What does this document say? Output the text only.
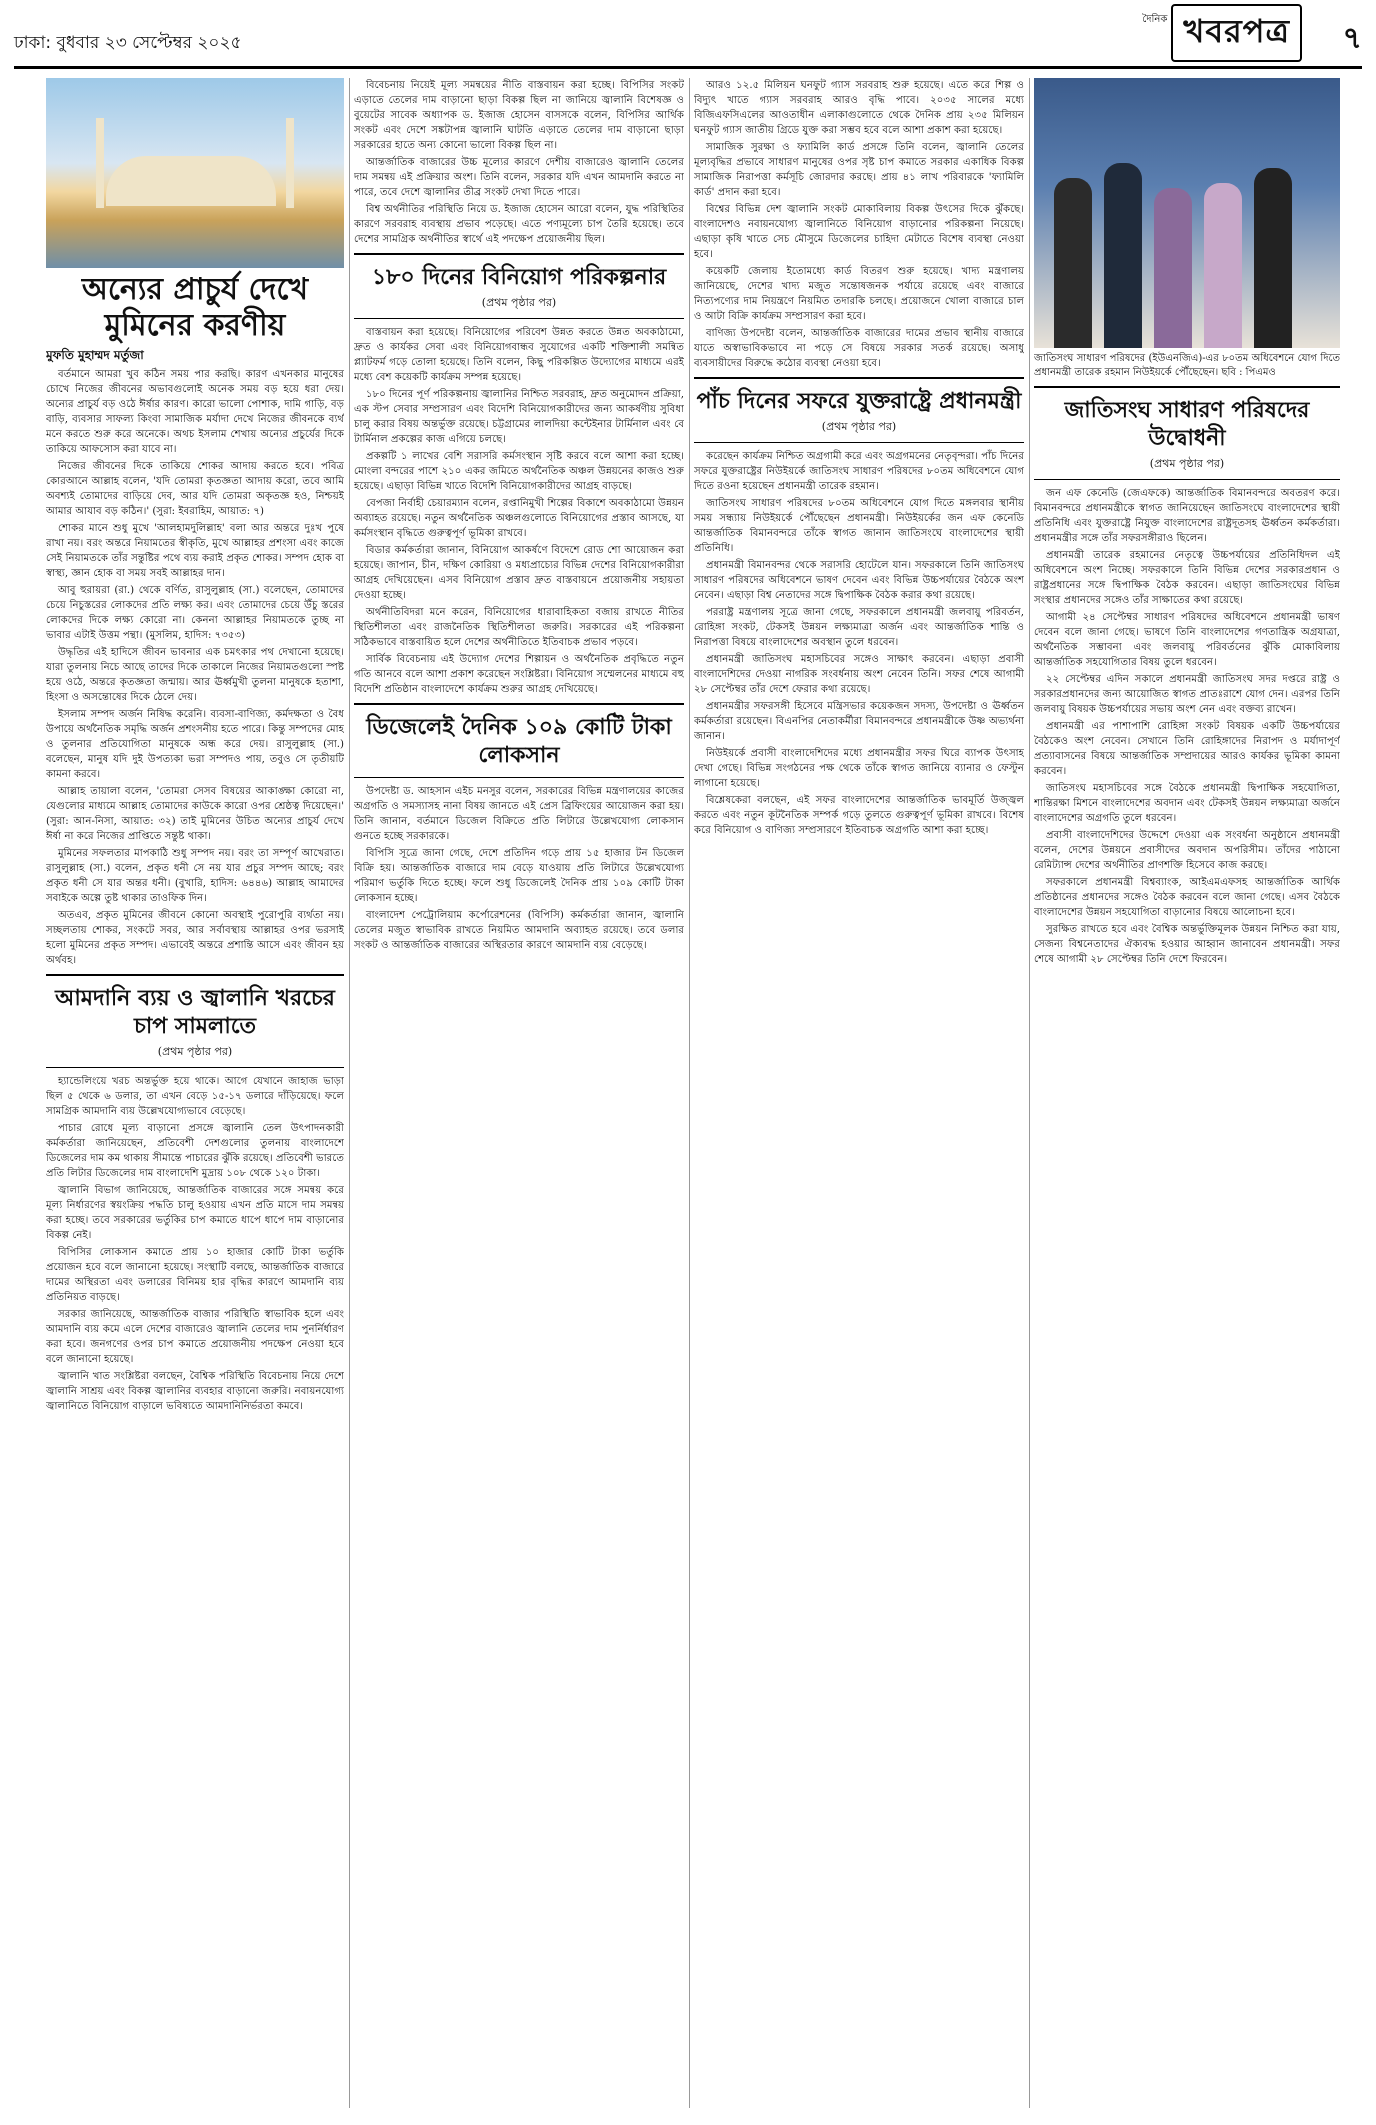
ঢাকা: বুধবার ২৩ সেপ্টেম্বর ২০২৫
দৈনিক খবরপত্র	৭
অন্যের প্রাচুর্য দেখে মুমিনের করণীয়
মুফতি মুহাম্মদ মর্তুজা

বর্তমানে আমরা খুব কঠিন সময় পার করছি। কারণ এখনকার মানুষের চোখে নিজের জীবনের অভাবগুলোই অনেক সময় বড় হয়ে ধরা দেয়। অন্যের প্রাচুর্য বড় ওঠে ঈর্ষার কারণ। কারো ভালো পোশাক, দামি গাড়ি, বড় বাড়ি, ব্যবসার সাফল্য কিংবা সামাজিক মর্যাদা দেখে নিজের জীবনকে ব্যর্থ মনে করতে শুরু করে অনেকে। অথচ ইসলাম শেখায় অন্যের প্রচুর্যের দিকে তাকিয়ে আফসোস করা যাবে না।

নিজের জীবনের দিকে তাকিয়ে শোকর আদায় করতে হবে। পবিত্র কোরআনে আল্লাহ বলেন, 'যদি তোমরা কৃতজ্ঞতা আদায় করো, তবে আমি অবশ্যই তোমাদের বাড়িয়ে দেব, আর যদি তোমরা অকৃতজ্ঞ হও, নিশ্চয়ই আমার আযাব বড় কঠিন।' (সুরা: ইবরাহিম, আয়াত: ৭)

শোকর মানে শুধু মুখে 'আলহামদুলিল্লাহ' বলা আর অন্তরে দুঃখ পুষে রাখা নয়। বরং অন্তরে নিয়ামতের স্বীকৃতি, মুখে আল্লাহর প্রশংসা এবং কাজে সেই নিয়ামতকে তাঁর সন্তুষ্টির পথে ব্যয় করাই প্রকৃত শোকর। সম্পদ হোক বা স্বাস্থ্য, জ্ঞান হোক বা সময় সবই আল্লাহর দান।

আবু হুরায়রা (রা.) থেকে বর্ণিত, রাসুলুল্লাহ (সা.) বলেছেন, তোমাদের চেয়ে নিচুস্তরের লোকদের প্রতি লক্ষ্য কর। এবং তোমাদের চেয়ে উঁচু স্তরের লোকদের দিকে লক্ষ্য কোরো না। কেননা আল্লাহর নিয়ামতকে তুচ্ছ না ভাবার এটাই উত্তম পন্থা। (মুসলিম, হাদিস: ৭৩৫৩)

উদ্ধৃতির এই হাদিসে জীবন ভাবনার এক চমৎকার পথ দেখানো হয়েছে। যারা তুলনায় নিচে আছে তাদের দিকে তাকালে নিজের নিয়ামতগুলো স্পষ্ট হয়ে ওঠে, অন্তরে কৃতজ্ঞতা জন্মায়। আর ঊর্ধ্বমুখী তুলনা মানুষকে হতাশা, হিংসা ও অসন্তোষের দিকে ঠেলে দেয়।

ইসলাম সম্পদ অর্জন নিষিদ্ধ করেনি। ব্যবসা-বাণিজ্য, কর্মদক্ষতা ও বৈধ উপায়ে অর্থনৈতিক সমৃদ্ধি অর্জন প্রশংসনীয় হতে পারে। কিন্তু সম্পদের মোহ ও তুলনার প্রতিযোগিতা মানুষকে অন্ধ করে দেয়। রাসুলুল্লাহ (সা.) বলেছেন, মানুষ যদি দুই উপত্যকা ভরা সম্পদও পায়, তবুও সে তৃতীয়টি কামনা করবে।

আল্লাহ তায়ালা বলেন, 'তোমরা সেসব বিষয়ের আকাঙ্ক্ষা কোরো না, যেগুলোর মাধ্যমে আল্লাহ তোমাদের কাউকে কারো ওপর শ্রেষ্ঠত্ব দিয়েছেন।' (সুরা: আন-নিসা, আয়াত: ৩২) তাই মুমিনের উচিত অন্যের প্রাচুর্য দেখে ঈর্ষা না করে নিজের প্রাপ্তিতে সন্তুষ্ট থাকা।

মুমিনের সফলতার মাপকাঠি শুধু সম্পদ নয়। বরং তা সম্পূর্ণ আখেরাত। রাসুলুল্লাহ (সা.) বলেন, প্রকৃত ধনী সে নয় যার প্রচুর সম্পদ আছে; বরং প্রকৃত ধনী সে যার অন্তর ধনী। (বুখারি, হাদিস: ৬৪৪৬) আল্লাহ আমাদের সবাইকে অল্পে তুষ্ট থাকার তাওফিক দিন।

অতএব, প্রকৃত মুমিনের জীবনে কোনো অবস্থাই পুরোপুরি ব্যর্থতা নয়। সচ্ছলতায় শোকর, সংকটে সবর, আর সর্বাবস্থায় আল্লাহর ওপর ভরসাই হলো মুমিনের প্রকৃত সম্পদ। এভাবেই অন্তরে প্রশান্তি আসে এবং জীবন হয় অর্থবহ।

আমদানি ব্যয় ও জ্বালানি খরচের চাপ সামলাতে
(প্রথম পৃষ্ঠার পর)

হ্যান্ডেলিংয়ে খরচ অন্তর্ভুক্ত হয়ে থাকে। আগে যেখানে জাহাজ ভাড়া ছিল ৫ থেকে ৬ ডলার, তা এখন বেড়ে ১৫-১৭ ডলারে দাঁড়িয়েছে। ফলে সামগ্রিক আমদানি ব্যয় উল্লেখযোগ্যভাবে বেড়েছে।

পাচার রোধে মূল্য বাড়ানো প্রসঙ্গে জ্বালানি তেল উৎপাদনকারী কর্মকর্তারা জানিয়েছেন, প্রতিবেশী দেশগুলোর তুলনায় বাংলাদেশে ডিজেলের দাম কম থাকায় সীমান্তে পাচারের ঝুঁকি রয়েছে। প্রতিবেশী ভারতে প্রতি লিটার ডিজেলের দাম বাংলাদেশি মুদ্রায় ১০৮ থেকে ১২০ টাকা।

জ্বালানি বিভাগ জানিয়েছে, আন্তর্জাতিক বাজারের সঙ্গে সমন্বয় করে মূল্য নির্ধারণের স্বয়ংক্রিয় পদ্ধতি চালু হওয়ায় এখন প্রতি মাসে দাম সমন্বয় করা হচ্ছে। তবে সরকারের ভর্তুকির চাপ কমাতে ধাপে ধাপে দাম বাড়ানোর বিকল্প নেই।

বিপিসির লোকসান কমাতে প্রায় ১০ হাজার কোটি টাকা ভর্তুকি প্রয়োজন হবে বলে জানানো হয়েছে। সংস্থাটি বলছে, আন্তর্জাতিক বাজারে দামের অস্থিরতা এবং ডলারের বিনিময় হার বৃদ্ধির কারণে আমদানি ব্যয় প্রতিনিয়ত বাড়ছে।

সরকার জানিয়েছে, আন্তর্জাতিক বাজার পরিস্থিতি স্বাভাবিক হলে এবং আমদানি ব্যয় কমে এলে দেশের বাজারেও জ্বালানি তেলের দাম পুনর্নির্ধারণ করা হবে। জনগণের ওপর চাপ কমাতে প্রয়োজনীয় পদক্ষেপ নেওয়া হবে বলে জানানো হয়েছে।

জ্বালানি খাত সংশ্লিষ্টরা বলছেন, বৈশ্বিক পরিস্থিতি বিবেচনায় নিয়ে দেশে জ্বালানি সাশ্রয় এবং বিকল্প জ্বালানির ব্যবহার বাড়ানো জরুরি। নবায়নযোগ্য জ্বালানিতে বিনিয়োগ বাড়ালে ভবিষ্যতে আমদানিনির্ভরতা কমবে।

বিবেচনায় নিয়েই মূল্য সমন্বয়ের নীতি বাস্তবায়ন করা হচ্ছে। বিপিসির সংকট এড়াতে তেলের দাম বাড়ানো ছাড়া বিকল্প ছিল না জানিয়ে জ্বালানি বিশেষজ্ঞ ও বুয়েটের সাবেক অধ্যাপক ড. ইজাজ হোসেন বাসসকে বলেন, বিপিসির আর্থিক সংকট এবং দেশে সঙ্কটাপন্ন জ্বালানি ঘাটতি এড়াতে তেলের দাম বাড়ানো ছাড়া সরকারের হাতে অন্য কোনো ভালো বিকল্প ছিল না।

আন্তর্জাতিক বাজারের উচ্চ মূল্যের কারণে দেশীয় বাজারেও জ্বালানি তেলের দাম সমন্বয় এই প্রক্রিয়ার অংশ। তিনি বলেন, সরকার যদি এখন আমদানি করতে না পারে, তবে দেশে জ্বালানির তীব্র সংকট দেখা দিতে পারে।

বিশ্ব অর্থনীতির পরিস্থিতি নিয়ে ড. ইজাজ হোসেন আরো বলেন, যুদ্ধ পরিস্থিতির কারণে সরবরাহ ব্যবস্থায় প্রভাব পড়েছে। এতে পণ্যমূল্যে চাপ তৈরি হয়েছে। তবে দেশের সামগ্রিক অর্থনীতির স্বার্থে এই পদক্ষেপ প্রয়োজনীয় ছিল।

১৮০ দিনের বিনিয়োগ পরিকল্পনার
(প্রথম পৃষ্ঠার পর)

বাস্তবায়ন করা হয়েছে। বিনিয়োগের পরিবেশ উন্নত করতে উন্নত অবকাঠামো, দ্রুত ও কার্যকর সেবা এবং বিনিয়োগবান্ধব সুযোগের একটি শক্তিশালী সমন্বিত প্ল্যাটফর্ম গড়ে তোলা হয়েছে। তিনি বলেন, কিছু পরিকল্পিত উদ্যোগের মাধ্যমে এরই মধ্যে বেশ কয়েকটি কার্যক্রম সম্পন্ন হয়েছে।

১৮০ দিনের পূর্ণ পরিকল্পনায় জ্বালানির নিশ্চিত সরবরাহ, দ্রুত অনুমোদন প্রক্রিয়া, এক স্টপ সেবার সম্প্রসারণ এবং বিদেশি বিনিয়োগকারীদের জন্য আকর্ষণীয় সুবিধা চালু করার বিষয় অন্তর্ভুক্ত রয়েছে। চট্টগ্রামের লালদিয়া কন্টেইনার টার্মিনাল এবং বে টার্মিনাল প্রকল্পের কাজ এগিয়ে চলছে।

প্রকল্পটি ১ লাখের বেশি সরাসরি কর্মসংস্থান সৃষ্টি করবে বলে আশা করা হচ্ছে। মোংলা বন্দরের পাশে ২১০ একর জমিতে অর্থনৈতিক অঞ্চল উন্নয়নের কাজও শুরু হয়েছে। এছাড়া বিভিন্ন খাতে বিদেশি বিনিয়োগকারীদের আগ্রহ বাড়ছে।

বেপজা নির্বাহী চেয়ারম্যান বলেন, রপ্তানিমুখী শিল্পের বিকাশে অবকাঠামো উন্নয়ন অব্যাহত রয়েছে। নতুন অর্থনৈতিক অঞ্চলগুলোতে বিনিয়োগের প্রস্তাব আসছে, যা কর্মসংস্থান বৃদ্ধিতে গুরুত্বপূর্ণ ভূমিকা রাখবে।

বিডার কর্মকর্তারা জানান, বিনিয়োগ আকর্ষণে বিদেশে রোড শো আয়োজন করা হয়েছে। জাপান, চীন, দক্ষিণ কোরিয়া ও মধ্যপ্রাচ্যের বিভিন্ন দেশের বিনিয়োগকারীরা আগ্রহ দেখিয়েছেন। এসব বিনিয়োগ প্রস্তাব দ্রুত বাস্তবায়নে প্রয়োজনীয় সহায়তা দেওয়া হচ্ছে।

অর্থনীতিবিদরা মনে করেন, বিনিয়োগের ধারাবাহিকতা বজায় রাখতে নীতির স্থিতিশীলতা এবং রাজনৈতিক স্থিতিশীলতা জরুরি। সরকারের এই পরিকল্পনা সঠিকভাবে বাস্তবায়িত হলে দেশের অর্থনীতিতে ইতিবাচক প্রভাব পড়বে।

সার্বিক বিবেচনায় এই উদ্যোগ দেশের শিল্পায়ন ও অর্থনৈতিক প্রবৃদ্ধিতে নতুন গতি আনবে বলে আশা প্রকাশ করেছেন সংশ্লিষ্টরা। বিনিয়োগ সম্মেলনের মাধ্যমে বহু বিদেশি প্রতিষ্ঠান বাংলাদেশে কার্যক্রম শুরুর আগ্রহ দেখিয়েছে।

ডিজেলেই দৈনিক ১০৯ কোটি টাকা লোকসান

উপদেষ্টা ড. আহসান এইচ মনসুর বলেন, সরকারের বিভিন্ন মন্ত্রণালয়ের কাজের অগ্রগতি ও সমস্যাসহ নানা বিষয় জানতে এই প্রেস ব্রিফিংয়ের আয়োজন করা হয়। তিনি জানান, বর্তমানে ডিজেল বিক্রিতে প্রতি লিটারে উল্লেখযোগ্য লোকসান গুনতে হচ্ছে সরকারকে।

বিপিসি সূত্রে জানা গেছে, দেশে প্রতিদিন গড়ে প্রায় ১৫ হাজার টন ডিজেল বিক্রি হয়। আন্তর্জাতিক বাজারে দাম বেড়ে যাওয়ায় প্রতি লিটারে উল্লেখযোগ্য পরিমাণ ভর্তুকি দিতে হচ্ছে। ফলে শুধু ডিজেলেই দৈনিক প্রায় ১০৯ কোটি টাকা লোকসান হচ্ছে।

বাংলাদেশ পেট্রোলিয়াম কর্পোরেশনের (বিপিসি) কর্মকর্তারা জানান, জ্বালানি তেলের মজুত স্বাভাবিক রাখতে নিয়মিত আমদানি অব্যাহত রয়েছে। তবে ডলার সংকট ও আন্তর্জাতিক বাজারের অস্থিরতার কারণে আমদানি ব্যয় বেড়েছে।

আরও ১২.৫ মিলিয়ন ঘনফুট গ্যাস সরবরাহ শুরু হয়েছে। এতে করে শিল্প ও বিদ্যুৎ খাতে গ্যাস সরবরাহ আরও বৃদ্ধি পাবে। ২০৩৫ সালের মধ্যে বিজিএফসিএলের আওতাধীন এলাকাগুলোতে থেকে দৈনিক প্রায় ২৩৫ মিলিয়ন ঘনফুট গ্যাস জাতীয় গ্রিডে যুক্ত করা সম্ভব হবে বলে আশা প্রকাশ করা হয়েছে।

সামাজিক সুরক্ষা ও ফ্যামিলি কার্ড প্রসঙ্গে তিনি বলেন, জ্বালানি তেলের মূল্যবৃদ্ধির প্রভাবে সাধারণ মানুষের ওপর সৃষ্ট চাপ কমাতে সরকার একাধিক বিকল্প সামাজিক নিরাপত্তা কর্মসূচি জোরদার করছে। প্রায় ৪১ লাখ পরিবারকে 'ফ্যামিলি কার্ড' প্রদান করা হবে।

বিশ্বের বিভিন্ন দেশ জ্বালানি সংকট মোকাবিলায় বিকল্প উৎসের দিকে ঝুঁকছে। বাংলাদেশও নবায়নযোগ্য জ্বালানিতে বিনিয়োগ বাড়ানোর পরিকল্পনা নিয়েছে। এছাড়া কৃষি খাতে সেচ মৌসুমে ডিজেলের চাহিদা মেটাতে বিশেষ ব্যবস্থা নেওয়া হবে।

কয়েকটি জেলায় ইতোমধ্যে কার্ড বিতরণ শুরু হয়েছে। খাদ্য মন্ত্রণালয় জানিয়েছে, দেশের খাদ্য মজুত সন্তোষজনক পর্যায়ে রয়েছে এবং বাজারে নিত্যপণ্যের দাম নিয়ন্ত্রণে নিয়মিত তদারকি চলছে। প্রয়োজনে খোলা বাজারে চাল ও আটা বিক্রি কার্যক্রম সম্প্রসারণ করা হবে।

বাণিজ্য উপদেষ্টা বলেন, আন্তর্জাতিক বাজারের দামের প্রভাব স্থানীয় বাজারে যাতে অস্বাভাবিকভাবে না পড়ে সে বিষয়ে সরকার সতর্ক রয়েছে। অসাধু ব্যবসায়ীদের বিরুদ্ধে কঠোর ব্যবস্থা নেওয়া হবে।

পাঁচ দিনের সফরে যুক্তরাষ্ট্রে প্রধানমন্ত্রী
(প্রথম পৃষ্ঠার পর)

করেছেন কার্যক্রম নিশ্চিত অগ্রগামী করে এবং অগ্রগমনের নেতৃবৃন্দরা। পাঁচ দিনের সফরে যুক্তরাষ্ট্রের নিউইয়র্কে জাতিসংঘ সাধারণ পরিষদের ৮০তম অধিবেশনে যোগ দিতে রওনা হয়েছেন প্রধানমন্ত্রী তারেক রহমান।

জাতিসংঘ সাধারণ পরিষদের ৮০তম অধিবেশনে যোগ দিতে মঙ্গলবার স্থানীয় সময় সন্ধ্যায় নিউইয়র্কে পৌঁছেছেন প্রধানমন্ত্রী। নিউইয়র্কের জন এফ কেনেডি আন্তর্জাতিক বিমানবন্দরে তাঁকে স্বাগত জানান জাতিসংঘে বাংলাদেশের স্থায়ী প্রতিনিধি।

প্রধানমন্ত্রী বিমানবন্দর থেকে সরাসরি হোটেলে যান। সফরকালে তিনি জাতিসংঘ সাধারণ পরিষদের অধিবেশনে ভাষণ দেবেন এবং বিভিন্ন উচ্চপর্যায়ের বৈঠকে অংশ নেবেন। এছাড়া বিশ্ব নেতাদের সঙ্গে দ্বিপাক্ষিক বৈঠক করার কথা রয়েছে।

পররাষ্ট্র মন্ত্রণালয় সূত্রে জানা গেছে, সফরকালে প্রধানমন্ত্রী জলবায়ু পরিবর্তন, রোহিঙ্গা সংকট, টেকসই উন্নয়ন লক্ষ্যমাত্রা অর্জন এবং আন্তর্জাতিক শান্তি ও নিরাপত্তা বিষয়ে বাংলাদেশের অবস্থান তুলে ধরবেন।

প্রধানমন্ত্রী জাতিসংঘ মহাসচিবের সঙ্গেও সাক্ষাৎ করবেন। এছাড়া প্রবাসী বাংলাদেশিদের দেওয়া নাগরিক সংবর্ধনায় অংশ নেবেন তিনি। সফর শেষে আগামী ২৮ সেপ্টেম্বর তাঁর দেশে ফেরার কথা রয়েছে।

প্রধানমন্ত্রীর সফরসঙ্গী হিসেবে মন্ত্রিসভার কয়েকজন সদস্য, উপদেষ্টা ও ঊর্ধ্বতন কর্মকর্তারা রয়েছেন। বিএনপির নেতাকর্মীরা বিমানবন্দরে প্রধানমন্ত্রীকে উষ্ণ অভ্যর্থনা জানান।

নিউইয়র্কে প্রবাসী বাংলাদেশিদের মধ্যে প্রধানমন্ত্রীর সফর ঘিরে ব্যাপক উৎসাহ দেখা গেছে। বিভিন্ন সংগঠনের পক্ষ থেকে তাঁকে স্বাগত জানিয়ে ব্যানার ও ফেস্টুন লাগানো হয়েছে।

বিশ্লেষকেরা বলছেন, এই সফর বাংলাদেশের আন্তর্জাতিক ভাবমূর্তি উজ্জ্বল করতে এবং নতুন কূটনৈতিক সম্পর্ক গড়ে তুলতে গুরুত্বপূর্ণ ভূমিকা রাখবে। বিশেষ করে বিনিয়োগ ও বাণিজ্য সম্প্রসারণে ইতিবাচক অগ্রগতি আশা করা হচ্ছে।

জাতিসংঘ সাধারণ পরিষদের (ইউএনজিএ)-এর ৮০তম অধিবেশনে যোগ দিতে প্রধানমন্ত্রী তারেক রহমান নিউইয়র্কে পৌঁছেছেন। ছবি : পিএমও
জাতিসংঘ সাধারণ পরিষদের উদ্বোধনী
(প্রথম পৃষ্ঠার পর)

জন এফ কেনেডি (জেএফকে) আন্তর্জাতিক বিমানবন্দরে অবতরণ করে। বিমানবন্দরে প্রধানমন্ত্রীকে স্বাগত জানিয়েছেন জাতিসংঘে বাংলাদেশের স্থায়ী প্রতিনিধি এবং যুক্তরাষ্ট্রে নিযুক্ত বাংলাদেশের রাষ্ট্রদূতসহ ঊর্ধ্বতন কর্মকর্তারা। প্রধানমন্ত্রীর সঙ্গে তাঁর সফরসঙ্গীরাও ছিলেন।

প্রধানমন্ত্রী তারেক রহমানের নেতৃত্বে উচ্চপর্যায়ের প্রতিনিধিদল এই অধিবেশনে অংশ নিচ্ছে। সফরকালে তিনি বিভিন্ন দেশের সরকারপ্রধান ও রাষ্ট্রপ্রধানের সঙ্গে দ্বিপাক্ষিক বৈঠক করবেন। এছাড়া জাতিসংঘের বিভিন্ন সংস্থার প্রধানদের সঙ্গেও তাঁর সাক্ষাতের কথা রয়েছে।

আগামী ২৪ সেপ্টেম্বর সাধারণ পরিষদের অধিবেশনে প্রধানমন্ত্রী ভাষণ দেবেন বলে জানা গেছে। ভাষণে তিনি বাংলাদেশের গণতান্ত্রিক অগ্রযাত্রা, অর্থনৈতিক সম্ভাবনা এবং জলবায়ু পরিবর্তনের ঝুঁকি মোকাবিলায় আন্তর্জাতিক সহযোগিতার বিষয় তুলে ধরবেন।

২২ সেপ্টেম্বর এদিন সকালে প্রধানমন্ত্রী জাতিসংঘ সদর দপ্তরে রাষ্ট্র ও সরকারপ্রধানদের জন্য আয়োজিত স্বাগত প্রাতঃরাশে যোগ দেন। এরপর তিনি জলবায়ু বিষয়ক উচ্চপর্যায়ের সভায় অংশ নেন এবং বক্তব্য রাখেন।

প্রধানমন্ত্রী এর পাশাপাশি রোহিঙ্গা সংকট বিষয়ক একটি উচ্চপর্যায়ের বৈঠকেও অংশ নেবেন। সেখানে তিনি রোহিঙ্গাদের নিরাপদ ও মর্যাদাপূর্ণ প্রত্যাবাসনের বিষয়ে আন্তর্জাতিক সম্প্রদায়ের আরও কার্যকর ভূমিকা কামনা করবেন।

জাতিসংঘ মহাসচিবের সঙ্গে বৈঠকে প্রধানমন্ত্রী দ্বিপাক্ষিক সহযোগিতা, শান্তিরক্ষা মিশনে বাংলাদেশের অবদান এবং টেকসই উন্নয়ন লক্ষ্যমাত্রা অর্জনে বাংলাদেশের অগ্রগতি তুলে ধরবেন।

প্রবাসী বাংলাদেশিদের উদ্দেশে দেওয়া এক সংবর্ধনা অনুষ্ঠানে প্রধানমন্ত্রী বলেন, দেশের উন্নয়নে প্রবাসীদের অবদান অপরিসীম। তাঁদের পাঠানো রেমিট্যান্স দেশের অর্থনীতির প্রাণশক্তি হিসেবে কাজ করছে।

সফরকালে প্রধানমন্ত্রী বিশ্বব্যাংক, আইএমএফসহ আন্তর্জাতিক আর্থিক প্রতিষ্ঠানের প্রধানদের সঙ্গেও বৈঠক করবেন বলে জানা গেছে। এসব বৈঠকে বাংলাদেশের উন্নয়ন সহযোগিতা বাড়ানোর বিষয়ে আলোচনা হবে।

সুরক্ষিত রাখতে হবে এবং বৈশ্বিক অন্তর্ভুক্তিমূলক উন্নয়ন নিশ্চিত করা যায়, সেজন্য বিশ্বনেতাদের ঐক্যবদ্ধ হওয়ার আহ্বান জানাবেন প্রধানমন্ত্রী। সফর শেষে আগামী ২৮ সেপ্টেম্বর তিনি দেশে ফিরবেন।
